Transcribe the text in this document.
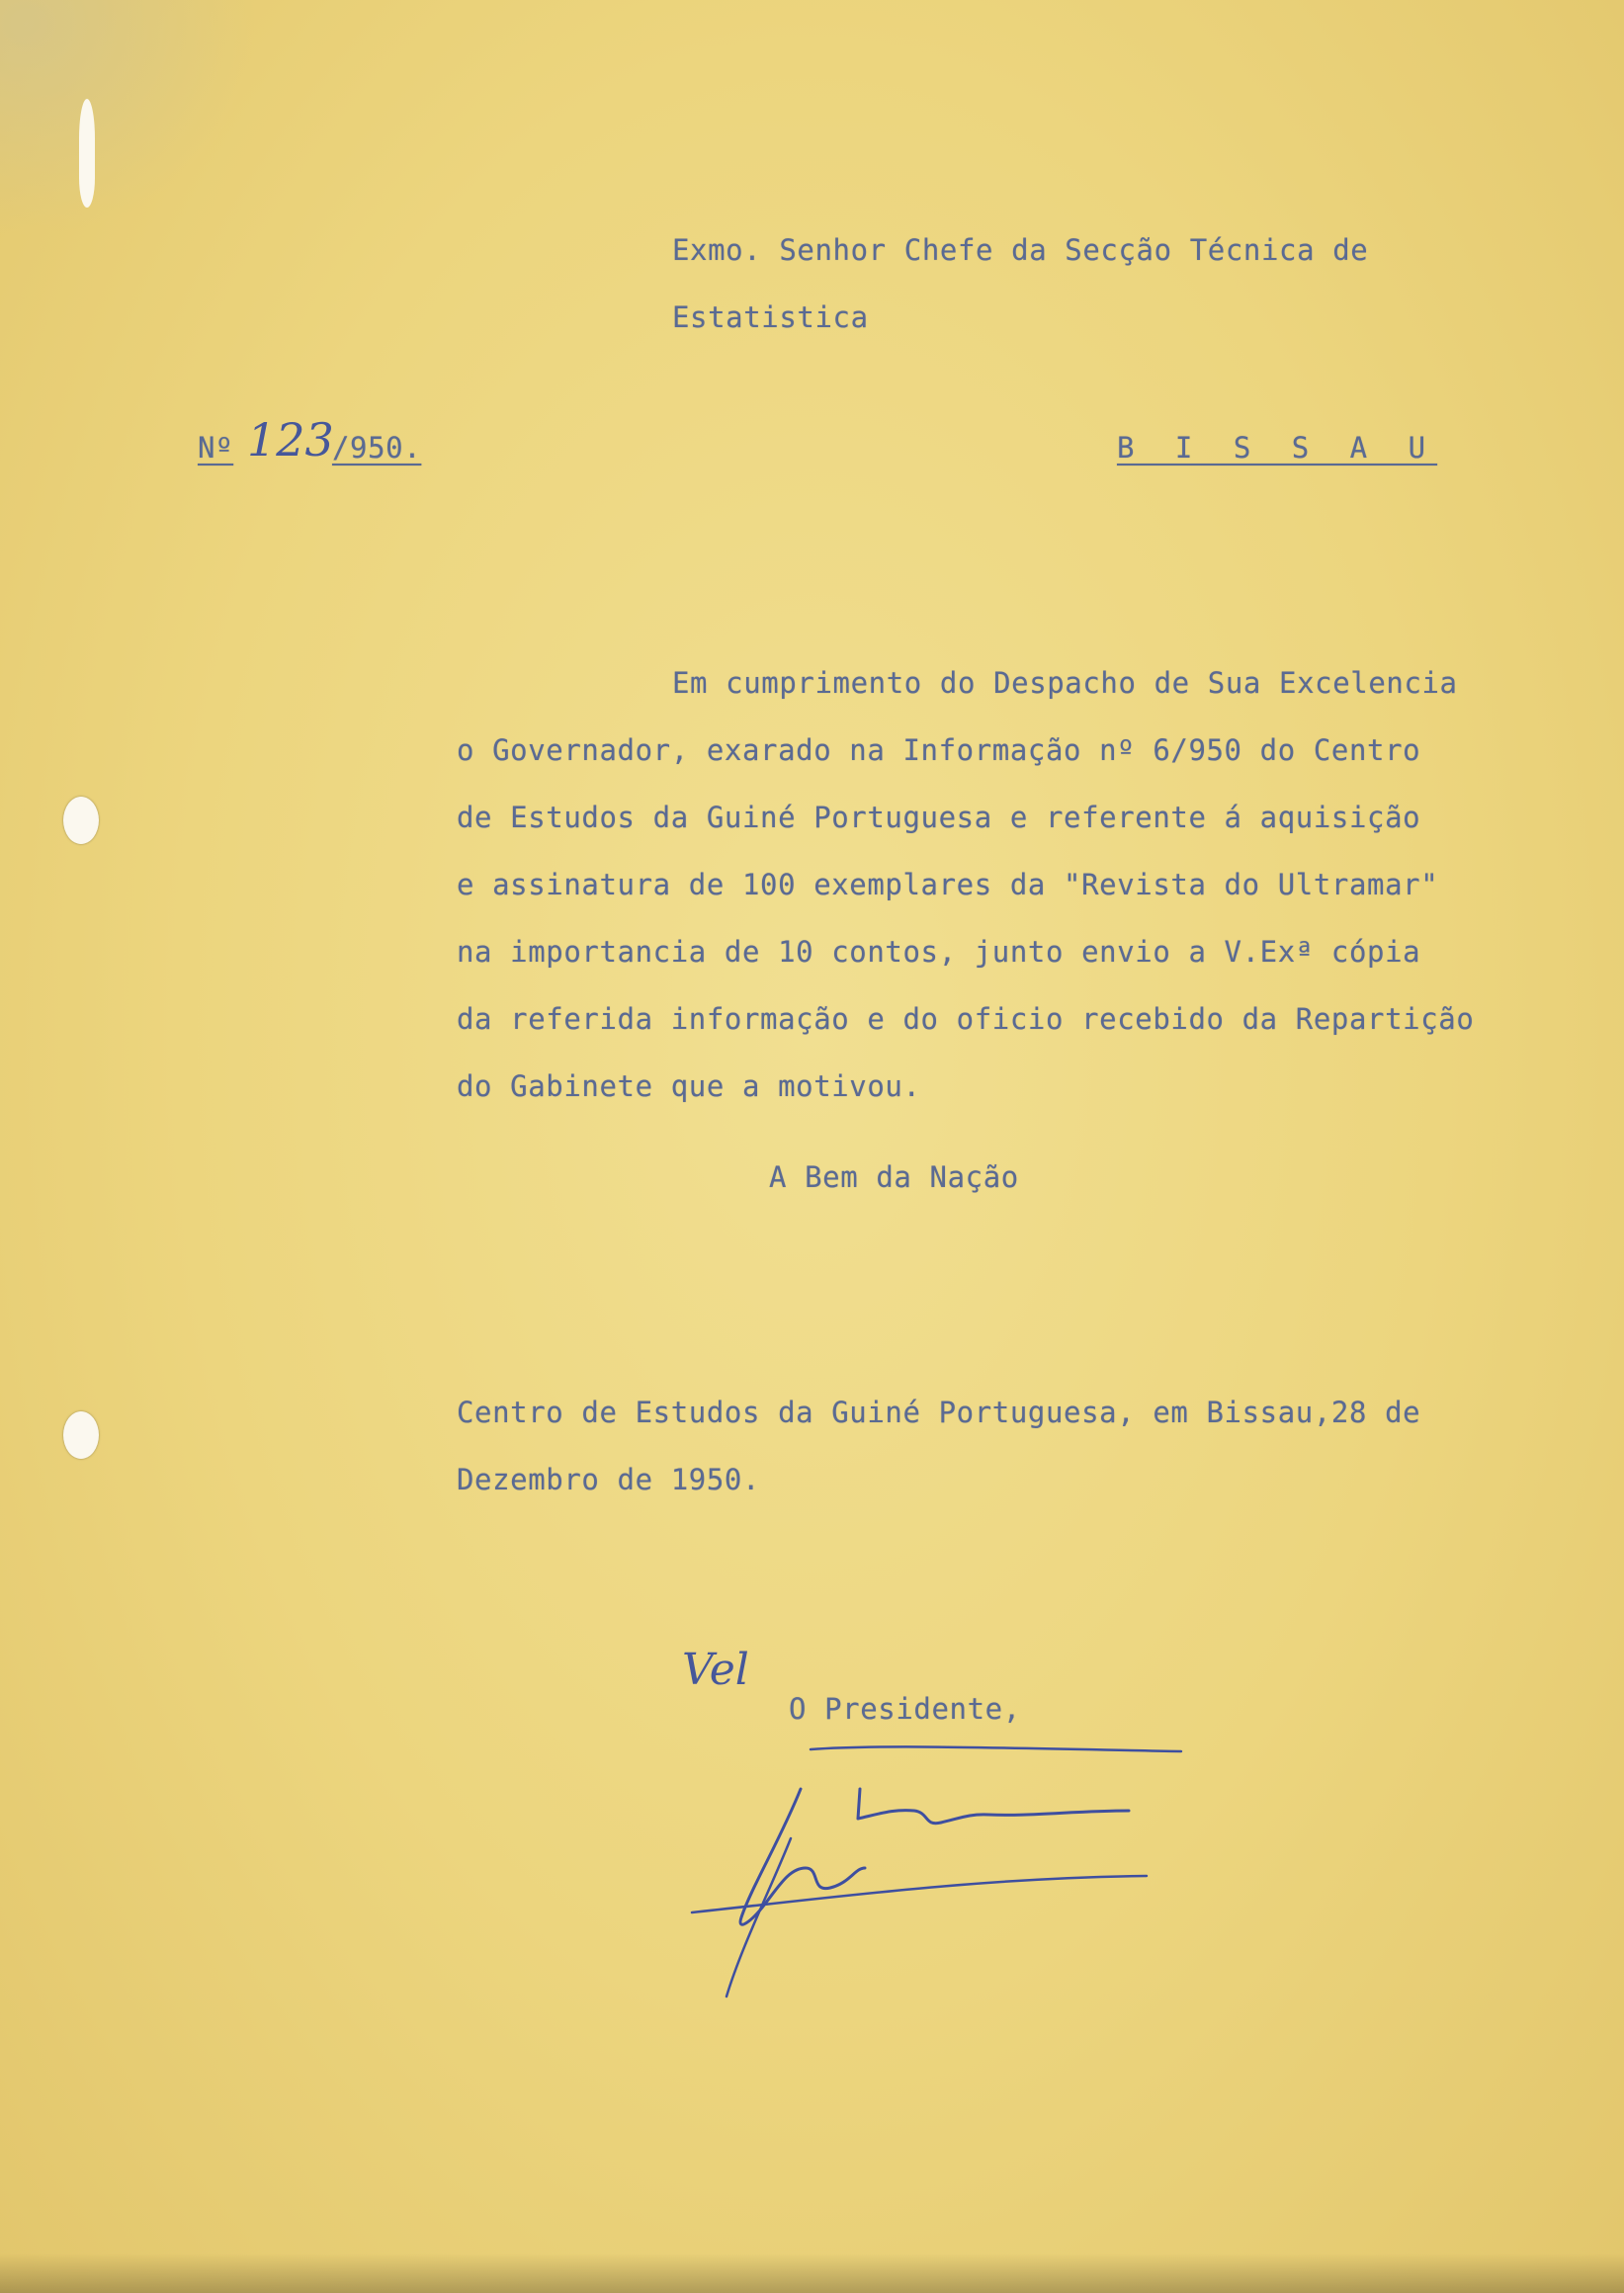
Exmo. Senhor Chefe da Secção Técnica de
Estatistica
Nº 123
/950.	B I S S A U
Em cumprimento do Despacho de Sua Excelencia
o Governador, exarado na Informação nº 6/950 do Centro
de Estudos da Guiné Portuguesa e referente á aquisição
e assinatura de 100 exemplares da "Revista do Ultramar"
na importancia de 10 contos, junto envio a V.Exª cópia
da referida informação e do oficio recebido da Repartição
do Gabinete que a motivou.
A Bem da Nação
Centro de Estudos da Guiné Portuguesa, em Bissau,28 de
Dezembro de 1950.
Vel
O Presidente,
